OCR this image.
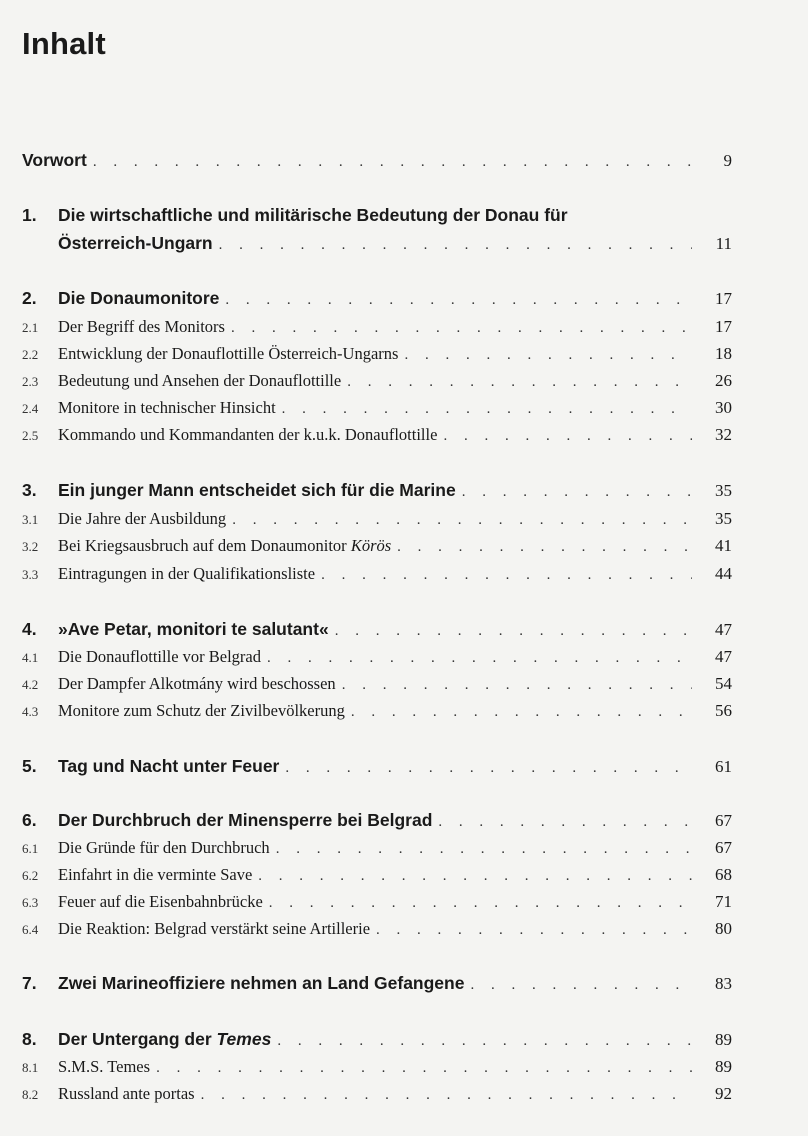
Inhalt
Vorwort . . .	9
1.	Die wirtschaftliche und militärische Bedeutung der Donau für
Österreich-Ungarn . . .	11
2.	Die Donaumonitore . . .	17
2.1	Der Begriff des Monitors . . .	17
2.2	Entwicklung der Donauflottille Österreich-Ungarns . . .	18
2.3	Bedeutung und Ansehen der Donauflottille . . .	26
2.4	Monitore in technischer Hinsicht . . .	30
2.5	Kommando und Kommandanten der k.u.k. Donauflottille . . .	32
3.	Ein junger Mann entscheidet sich für die Marine . . .	35
3.1	Die Jahre der Ausbildung . . .	35
3.2	Bei Kriegsausbruch auf dem Donaumonitor Körös . . .	41
3.3	Eintragungen in der Qualifikationsliste . . .	44
4.	»Ave Petar, monitori te salutant« . . .	47
4.1	Die Donauflottille vor Belgrad . . .	47
4.2	Der Dampfer Alkotmány wird beschossen . . .	54
4.3	Monitore zum Schutz der Zivilbevölkerung . . .	56
5.	Tag und Nacht unter Feuer . . .	61
6.	Der Durchbruch der Minensperre bei Belgrad . . .	67
6.1	Die Gründe für den Durchbruch . . .	67
6.2	Einfahrt in die verminte Save . . .	68
6.3	Feuer auf die Eisenbahnbrücke . . .	71
6.4	Die Reaktion: Belgrad verstärkt seine Artillerie . . .	80
7.	Zwei Marineoffiziere nehmen an Land Gefangene . . .	83
8.	Der Untergang der Temes . . .	89
8.1	S.M.S. Temes . . .	89
8.2	Russland ante portas . . .	92
